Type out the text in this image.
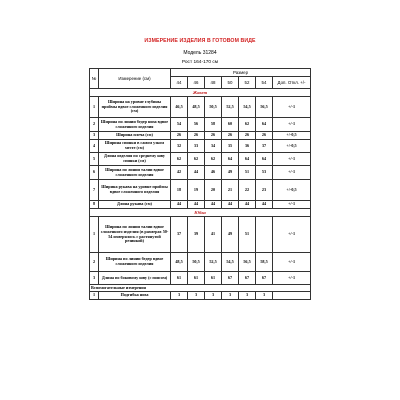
ИЗМЕРЕНИЕ ИЗДЕЛИЯ В ГОТОВОМ ВИДЕ
Модель 31284
Рост 164-170 см
№	Измерение (см)	Размер						
		44	46	48	50	52	54	Доп. Откл. +/-
Жакет								
1	Ширина на уровне глубины проймы вдвое сложенного изделия (см)	46,5	48,5	50,5	52,5	54,5	56,5	+/-1
2	Ширина по линии бедер низа вдвое сложенного изделия	54	56	58	60	62	64	+/-1
3	Ширина плеча (см)	26	26	26	26	26	26	+/-0,5
4	Ширина спинки в самом узком месте (см)	32	33	34	35	36	37	+/-0,5
5	Длина изделия по среднему шву спинки (см)	62	62	62	64	64	64	+/-1
6	Ширина по линии талии вдвое сложенного изделия	42	44	46	49	51	53	+/-1
7	Ширина рукава на уровне проймы вдвое сложенного изделия	18	19	20	21	22	23	+/-0,5
8	Длина рукава (см)	44	44	44	44	44	44	+/-1
Юбка								
1	Ширина по линии талии вдвое сложенного изделия (в размерах 50-54 измерялось с растянутой резинкой)	37	39	41	49	51		+/-1
2	Ширина по линии бедер вдвое сложенного изделия	48,5	50,5	52,5	54,5	56,5	58,5	+/-1
3	Длина по боковому шву (с поясом)	61	61	61	67	67	67	+/-1
Вспомогательные измерения								
1	Подгибка низа	3	3	3	3	3	3	
